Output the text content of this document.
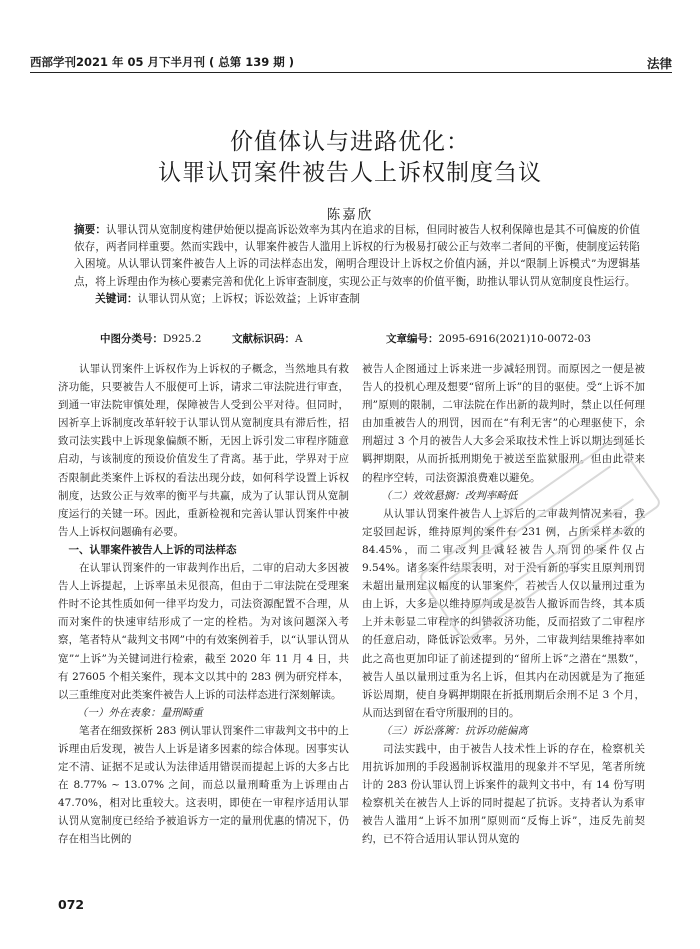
西部学刊2021 年 05 月下半月刊 ( 总第 139 期 )	法律
价值体认与进路优化：
认罪认罚案件被告人上诉权制度刍议
陈嘉欣
摘要：认罪认罚从宽制度构建伊始便以提高诉讼效率为其内在追求的目标，但同时被告人权利保障也是其不可偏废的价值依存，两者同样重要。然而实践中，认罪案件被告人滥用上诉权的行为极易打破公正与效率二者间的平衡，使制度运转陷入困境。从认罪认罚案件被告人上诉的司法样态出发，阐明合理设计上诉权之价值内涵，并以“限制上诉模式”为逻辑基点，将上诉理由作为核心要素完善和优化上诉审查制度，实现公正与效率的价值平衡，助推认罪认罚从宽制度良性运行。
关键词：认罪认罚从宽；上诉权；诉讼效益；上诉审查制
中图分类号：D925.2	文献标识码：A	文章编号：2095-6916(2021)10-0072-03

认罪认罚案件上诉权作为上诉权的子概念，当然地具有救济功能，只要被告人不服便可上诉，请求二审法院进行审查，到通一审法院审慎处理，保障被告人受到公平对待。但同时，因祈享上诉制度改革轩较于认罪认罚从宽制度具有滞后性，招致司法实践中上诉现象偏颇不断，无因上诉引发二审程序随意启动，与该制度的预设价值发生了背离。基于此，学界对于应否限制此类案件上诉权的看法出现分歧，如何科学设置上诉权制度，达致公正与效率的衡平与共赢，成为了认罪认罚从宽制度运行的关键一环。因此，重新检视和完善认罪认罚案件中被告人上诉权问题确有必要。

一、认罪案件被告人上诉的司法样态

在认罪认罚案件的一审裁判作出后，二审的启动大多因被告人上诉提起，上诉率虽未见很高，但由于二审法院在受理案件时不论其性质如何一律平均发力，司法资源配置不合理，从而对案件的快速审结形成了一定的栓梏。为对该问题深入考察，笔者特从“裁判文书网”中的有效案例着手，以“认罪认罚从宽”“上诉”为关键词进行检索，截至 2020 年 11 月 4 日，共有 27605 个相关案件，现本文以其中的 283 例为研究样本，以三重维度对此类案件被告人上诉的司法样态进行深刻解读。

（一）外在表象：量刑畸重

笔者在细致探析 283 例认罪认罚案件二审裁判文书中的上诉理由后发现，被告人上诉是诸多因素的综合体现。因事实认定不清、证据不足或认为法律适用错误而提起上诉的大多占比在 8.77% ~ 13.07% 之间，而总以量刑畸重为上诉理由占 47.70%，相对比重较大。这表明，即使在一审程序适用认罪认罚从宽制度已经给予被追诉方一定的量刑优惠的情况下，仍存在相当比例的

被告人企图通过上诉来进一步减轻刑罚。而原因之一便是被告人的投机心理及想要“留所上诉”的目的驱使。受“上诉不加刑”原则的限制，二审法院在作出新的裁判时，禁止以任何理由加重被告人的刑罚，因而在“有利无害”的心理驱使下，余刑超过 3 个月的被告人大多会采取技术性上诉以期达到延长羁押期限，从而折抵刑期免于被送至监狱服刑。但由此带来的程序空转，司法资源浪费难以避免。

（二）效效悬搁：改判率畸低

从认罪认罚案件被告人上诉后的二审裁判情况来看，我定驳回起诉，维持原判的案件有 231 例，占所采样本数的 84.45%，而二审改判且减轻被告人刑罚的案件仅占 9.54%。诸多案件结果表明，对于没有新的事实且原判刑罚未超出量刑建议幅度的认罪案件，若被告人仅以量刑过重为由上诉，大多是以维持原判或是被告人撤诉而告终，其本质上并未彰显二审程序的纠错救济功能，反而招致了二审程序的任意启动，降低诉讼效率。另外，二审裁判结果维持率如此之高也更加印证了前述提到的“留所上诉”之潜在“黑数”，被告人虽以量刑过重为名上诉，但其内在动因就是为了拖延诉讼周期，使自身羁押期限在折抵刑期后余刑不足 3 个月，从而达到留在看守所服刑的目的。

（三）诉讼落篱：抗诉功能偏离

司法实践中，由于被告人技术性上诉的存在，检察机关用抗诉加刑的手段遏制诉权滥用的现象并不罕见，笔者所统计的 283 份认罪认罚上诉案件的裁判文书中，有 14 份写明检察机关在被告人上诉的同时提起了抗诉。支持者认为系审被告人滥用“上诉不加刑”原则而“反悔上诉”，违反先前契约，已不符合适用认罪认罚从宽的

072
